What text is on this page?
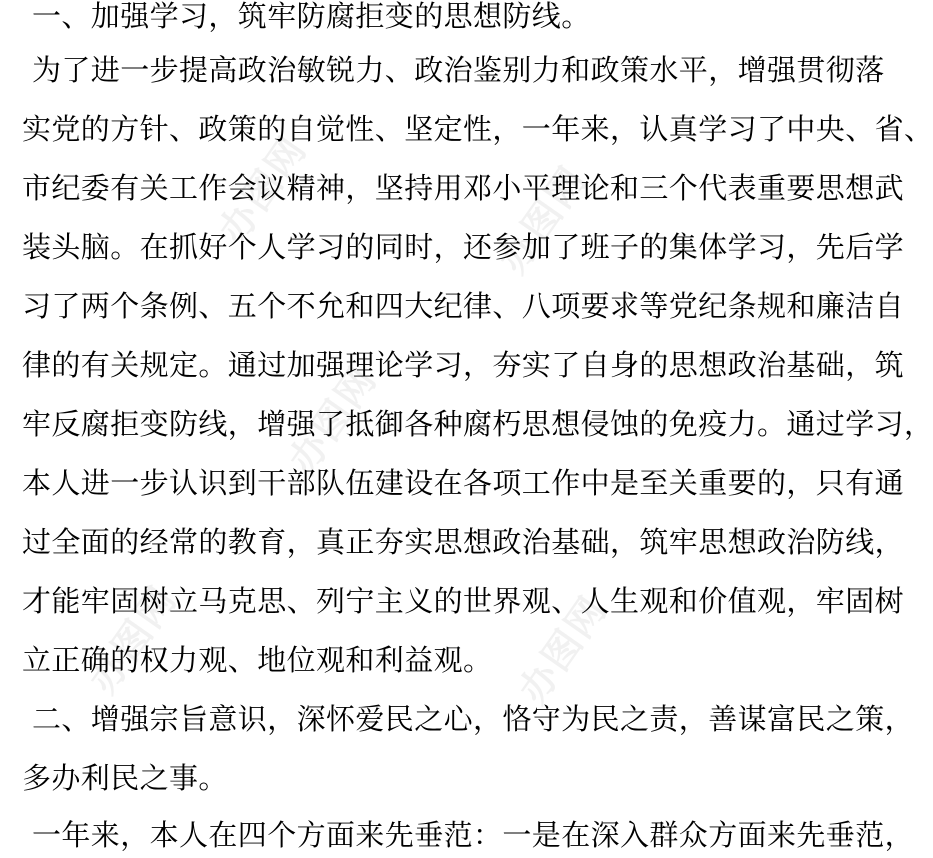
办图网	办图网
办图网
办图网	办图网
一、加强学习，筑牢防腐拒变的思想防线。
为了进一步提高政治敏锐力、政治鉴别力和政策水平，增强贯彻落
实党的方针、政策的自觉性、坚定性，一年来，认真学习了中央、省、
市纪委有关工作会议精神，坚持用邓小平理论和三个代表重要思想武
装头脑。在抓好个人学习的同时，还参加了班子的集体学习，先后学
习了两个条例、五个不允和四大纪律、八项要求等党纪条规和廉洁自
律的有关规定。通过加强理论学习，夯实了自身的思想政治基础，筑
牢反腐拒变防线，增强了抵御各种腐朽思想侵蚀的免疫力。通过学习，
本人进一步认识到干部队伍建设在各项工作中是至关重要的，只有通
过全面的经常的教育，真正夯实思想政治基础，筑牢思想政治防线，
才能牢固树立马克思、列宁主义的世界观、人生观和价值观，牢固树
立正确的权力观、地位观和利益观。
二、增强宗旨意识，深怀爱民之心，恪守为民之责，善谋富民之策，
多办利民之事。
一年来，本人在四个方面来先垂范：一是在深入群众方面来先垂范，
